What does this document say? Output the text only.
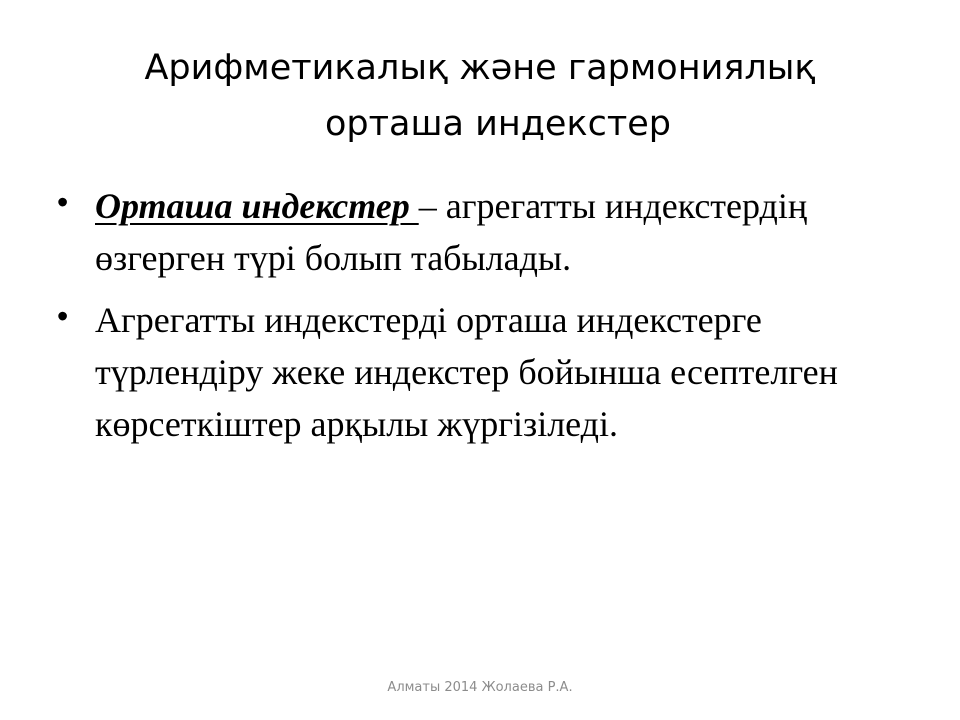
Арифметикалық және гармониялық
орташа индекстер
• Орташа индекстер – агрегатты индекстердің өзгерген түрі болып табылады.
• Агрегатты индекстерді орташа индекстерге түрлендіру жеке индекстер бойынша есептелген көрсеткіштер арқылы жүргізіледі.
Алматы 2014 Жолаева Р.А.
